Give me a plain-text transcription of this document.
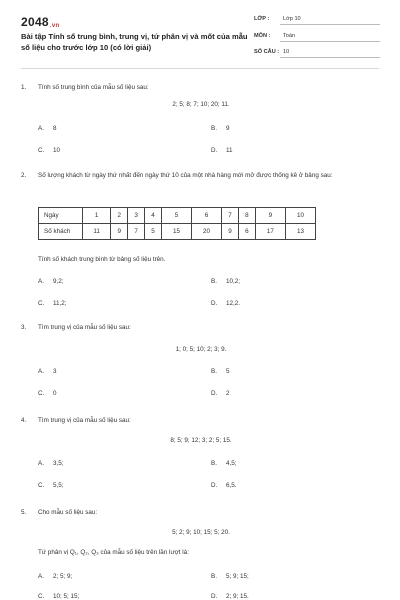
2048.vn
Bài tập Tính số trung bình, trung vị, tứ phân vị và mốt của mẫu số liệu cho trước lớp 10 (có lời giải)
LỚP : Lớp 10
MÔN : Toán
SỐ CÂU : 10
1. Tính số trung bình của mẫu số liệu sau:
2; 5; 8; 7; 10; 20; 11.
A. 8	B. 9
C. 10	D. 11
2. Số lượng khách từ ngày thứ nhất đến ngày thứ 10 của một nhà hàng mới mở được thống kê ở bảng sau:
Ngày	1	2	3	4	5	6	7	8	9	10
Số khách	11	9	7	5	15	20	9	6	17	13
Tính số khách trung bình từ bảng số liệu trên.
A. 9,2;	B. 10,2;
C. 11,2;	D. 12,2.
3. Tìm trung vị của mẫu số liệu sau:
1; 0; 5; 10; 2; 3; 9.
A. 3	B. 5
C. 0	D. 2
4. Tìm trung vị của mẫu số liệu sau:
8; 5; 9; 12; 3; 2; 5; 15.
A. 3,5;	B. 4,5;
C. 5,5;	D. 6,5.
5. Cho mẫu số liệu sau:
5; 2; 9; 10; 15; 5; 20.
Tứ phân vị Q₁, Q₂, Q₃ của mẫu số liệu trên lần lượt là:
A. 2; 5; 9;	B. 5; 9; 15;
C. 10; 5; 15;	D. 2; 9; 15.
